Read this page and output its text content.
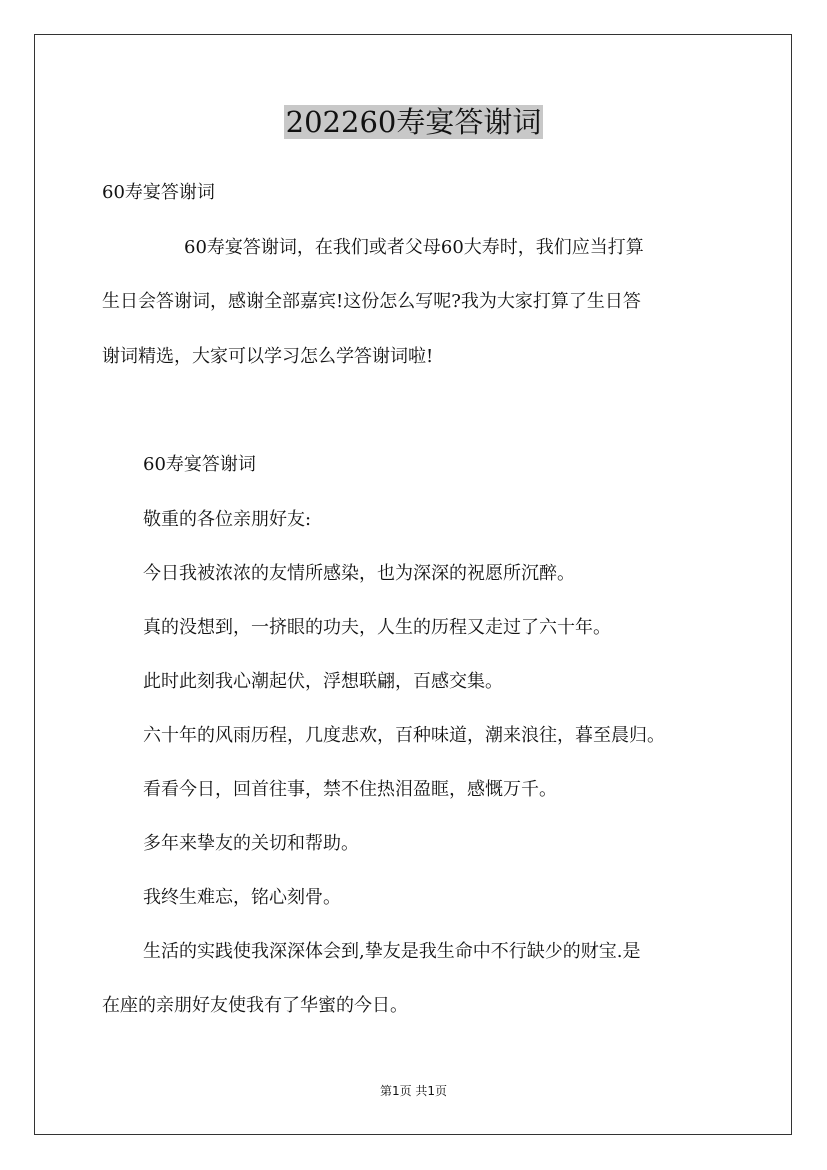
202260寿宴答谢词

60寿宴答谢词

60寿宴答谢词，在我们或者父母60大寿时，我们应当打算

生日会答谢词，感谢全部嘉宾!这份怎么写呢?我为大家打算了生日答

谢词精选，大家可以学习怎么学答谢词啦!

60寿宴答谢词

敬重的各位亲朋好友:

今日我被浓浓的友情所感染，也为深深的祝愿所沉醉。

真的没想到，一挤眼的功夫，人生的历程又走过了六十年。

此时此刻我心潮起伏，浮想联翩，百感交集。

六十年的风雨历程，几度悲欢，百种味道，潮来浪往，暮至晨归。

看看今日，回首往事，禁不住热泪盈眶，感慨万千。

多年来挚友的关切和帮助。

我终生难忘，铭心刻骨。

生活的实践使我深深体会到,挚友是我生命中不行缺少的财宝.是

在座的亲朋好友使我有了华蜜的今日。

第1页 共1页
